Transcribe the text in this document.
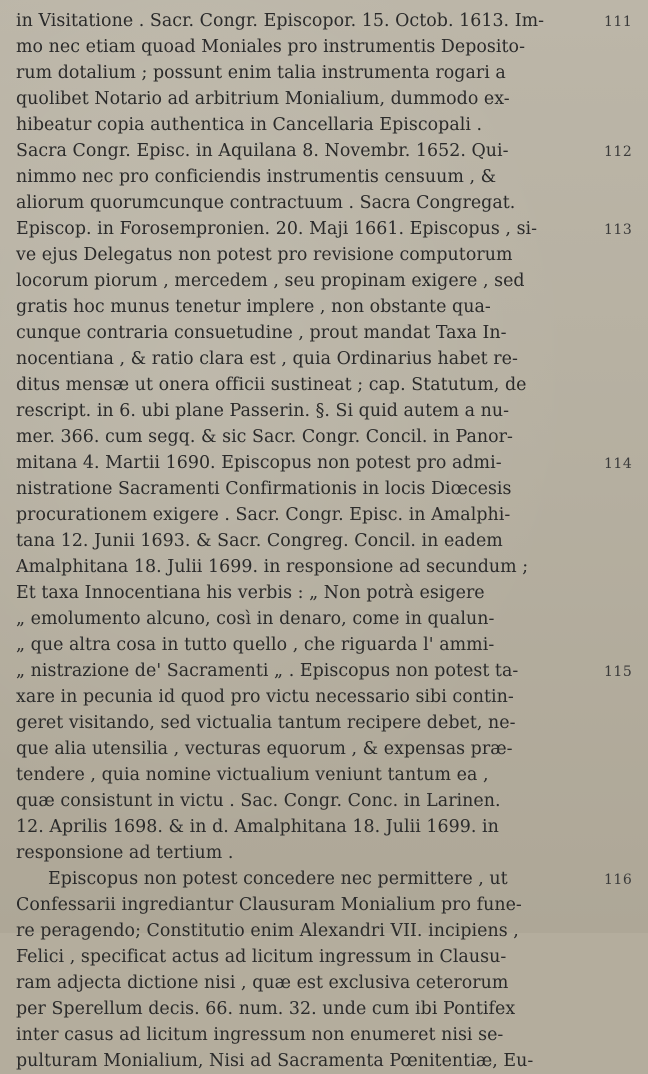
in Visitatione . Sacr. Congr. Episcopor. 15. Octob. 1613. Im-
mo nec etiam quoad Moniales pro instrumentis Deposito-
rum dotalium ; possunt enim talia instrumenta rogari a
quolibet Notario ad arbitrium Monialium, dummodo ex-
hibeatur copia authentica in Cancellaria Episcopali .
Sacra Congr. Episc. in Aquilana 8. Novembr. 1652. Qui-
nimmo nec pro conficiendis instrumentis censuum , &
aliorum quorumcunque contractuum . Sacra Congregat.
Episcop. in Forosempronien. 20. Maji 1661. Episcopus , si-
ve ejus Delegatus non potest pro revisione computorum
locorum piorum , mercedem , seu propinam exigere , sed
gratis hoc munus tenetur implere , non obstante qua-
cunque contraria consuetudine , prout mandat Taxa In-
nocentiana , & ratio clara est , quia Ordinarius habet re-
ditus mensæ ut onera officii sustineat ; cap. Statutum, de
rescript. in 6. ubi plane Passerin. §. Si quid autem a nu-
mer. 366. cum segq. & sic Sacr. Congr. Concil. in Panor-
mitana 4. Martii 1690. Episcopus non potest pro admi-
nistratione Sacramenti Confirmationis in locis Diœcesis
procurationem exigere . Sacr. Congr. Episc. in Amalphi-
tana 12. Junii 1693. & Sacr. Congreg. Concil. in eadem
Amalphitana 18. Julii 1699. in responsione ad secundum ;
Et taxa Innocentiana his verbis : „ Non potrà esigere
„ emolumento alcuno, così in denaro, come in qualun-
„ que altra cosa in tutto quello , che riguarda l' ammi-
„ nistrazione de' Sacramenti „ . Episcopus non potest ta-
xare in pecunia id quod pro victu necessario sibi contin-
geret visitando, sed victualia tantum recipere debet, ne-
que alia utensilia , vecturas equorum , & expensas præ-
tendere , quia nomine victualium veniunt tantum ea ,
quæ consistunt in victu . Sac. Congr. Conc. in Larinen.
12. Aprilis 1698. & in d. Amalphitana 18. Julii 1699. in
responsione ad tertium .
Episcopus non potest concedere nec permittere , ut
Confessarii ingrediantur Clausuram Monialium pro fune-
re peragendo; Constitutio enim Alexandri VII. incipiens ,
Felici , specificat actus ad licitum ingressum in Clausu-
ram adjecta dictione nisi , quæ est exclusiva ceterorum
per Sperellum decis. 66. num. 32. unde cum ibi Pontifex
inter casus ad licitum ingressum non enumeret nisi se-
pulturam Monialium, Nisi ad Sacramenta Pœnitentiæ, Eu-
111
112
113
114
115
116
